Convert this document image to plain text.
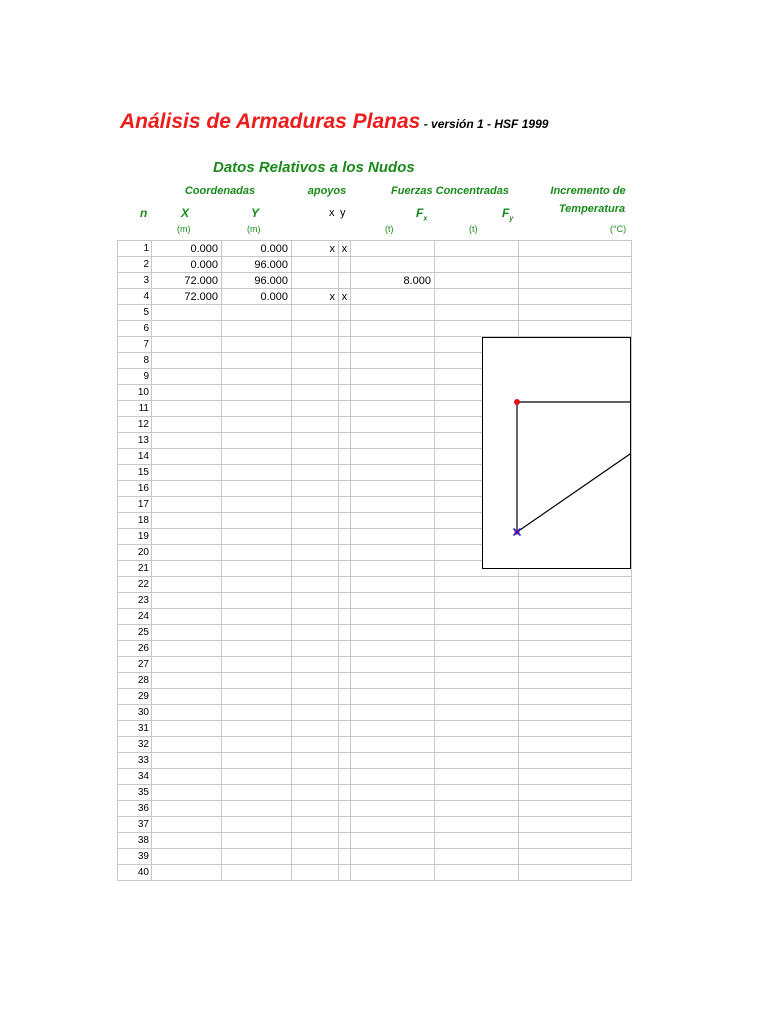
Análisis de Armaduras Planas - versión 1 - HSF 1999
Datos Relativos a los Nudos
Coordenadas	apoyos	Fuerzas Concentradas	Incremento de
Temperatura
n	X	Y	x y	$F_x$	$F_y$
(m)	(m)	(t)	(t)	(°C)
1	0.000	0.000	x	x			
2	0.000	96.000					
3	72.000	96.000			8.000		
4	72.000	0.000	x	x			
5							
6							
7							
8							
9							
10							
11							
12							
13							
14							
15							
16							
17							
18							
19							
20							
21							
22							
23							
24							
25							
26							
27							
28							
29							
30							
31							
32							
33							
34							
35							
36							
37							
38							
39							
40							
